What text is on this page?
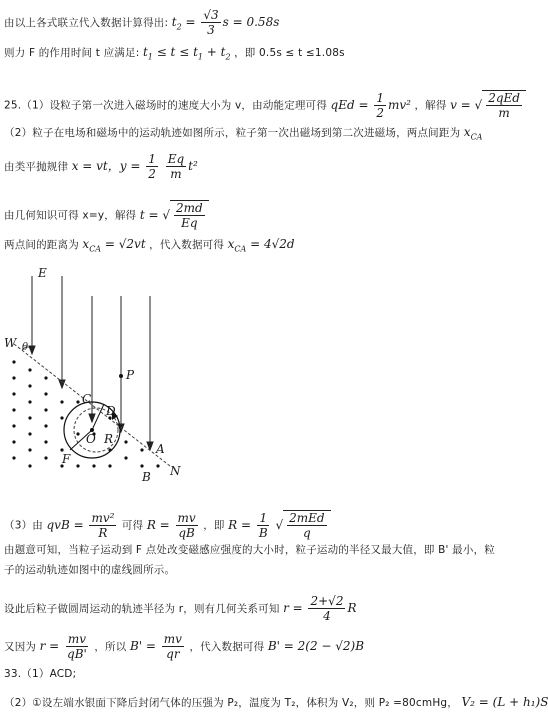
由以上各式联立代入数据计算得出: $t_2 = \frac{√3}{3}$ s = 0.58s
则力 F 的作用时间 t 应满足: $t_1 \le t \le t_1 + t_2$ ，即 0.5s ≤ t ≤1.08s
25.（1）设粒子第一次进入磁场时的速度大小为 v，由动能定理可得 qEd = $\frac{1}{2} mv^2$ ，解得 v = √ $\frac{\text{2qEd}}{m}$
（2）粒子在电场和磁场中的运动轨迹如图所示，粒子第一次出磁场到第二次进磁场，两点间距为 $x_{CA}$
由类平抛规律 x = vt，$y = \frac{1}{2}$
$\frac{Eq}{m} t^2$
由几何知识可得 x=y，解得 t = √ $\frac{2md}{Eq}$
两点间的距离为 $x_{CA} = √2vt$ ，代入数据可得 $x_{CA} = 4√2d$
E
W θ
P
C
D
O R
F
A
B N
（3）由 qvB = $\frac{\text{mv²}}{R}$ 可得 $R = \frac{mv}{qB}$ ，即 $R = \frac{1}{B}$ √ $\frac{\text{2mEd}}{q}$
由题意可知，当粒子运动到 F 点处改变磁感应强度的大小时，粒子运动的半径又最大值，即 B' 最小，粒
子的运动轨迹如图中的虚线圆所示。
设此后粒子做圆周运动的轨迹半径为 r，则有几何关系可知 $r = \frac{2+√2}{4}$ R
又因为 $r = \frac{mv}{qB'}$ ，所以 $B' = \frac{mv}{qr}$ ，代入数据可得 B' = 2(2 − √2)B
33.（1）ACD;
（2）①设左端水银面下降后封闭气体的压强为 P₂，温度为 T₂，体积为 V₂，则 P₂ =80cmHg， V₂ = (L + h₁)S
